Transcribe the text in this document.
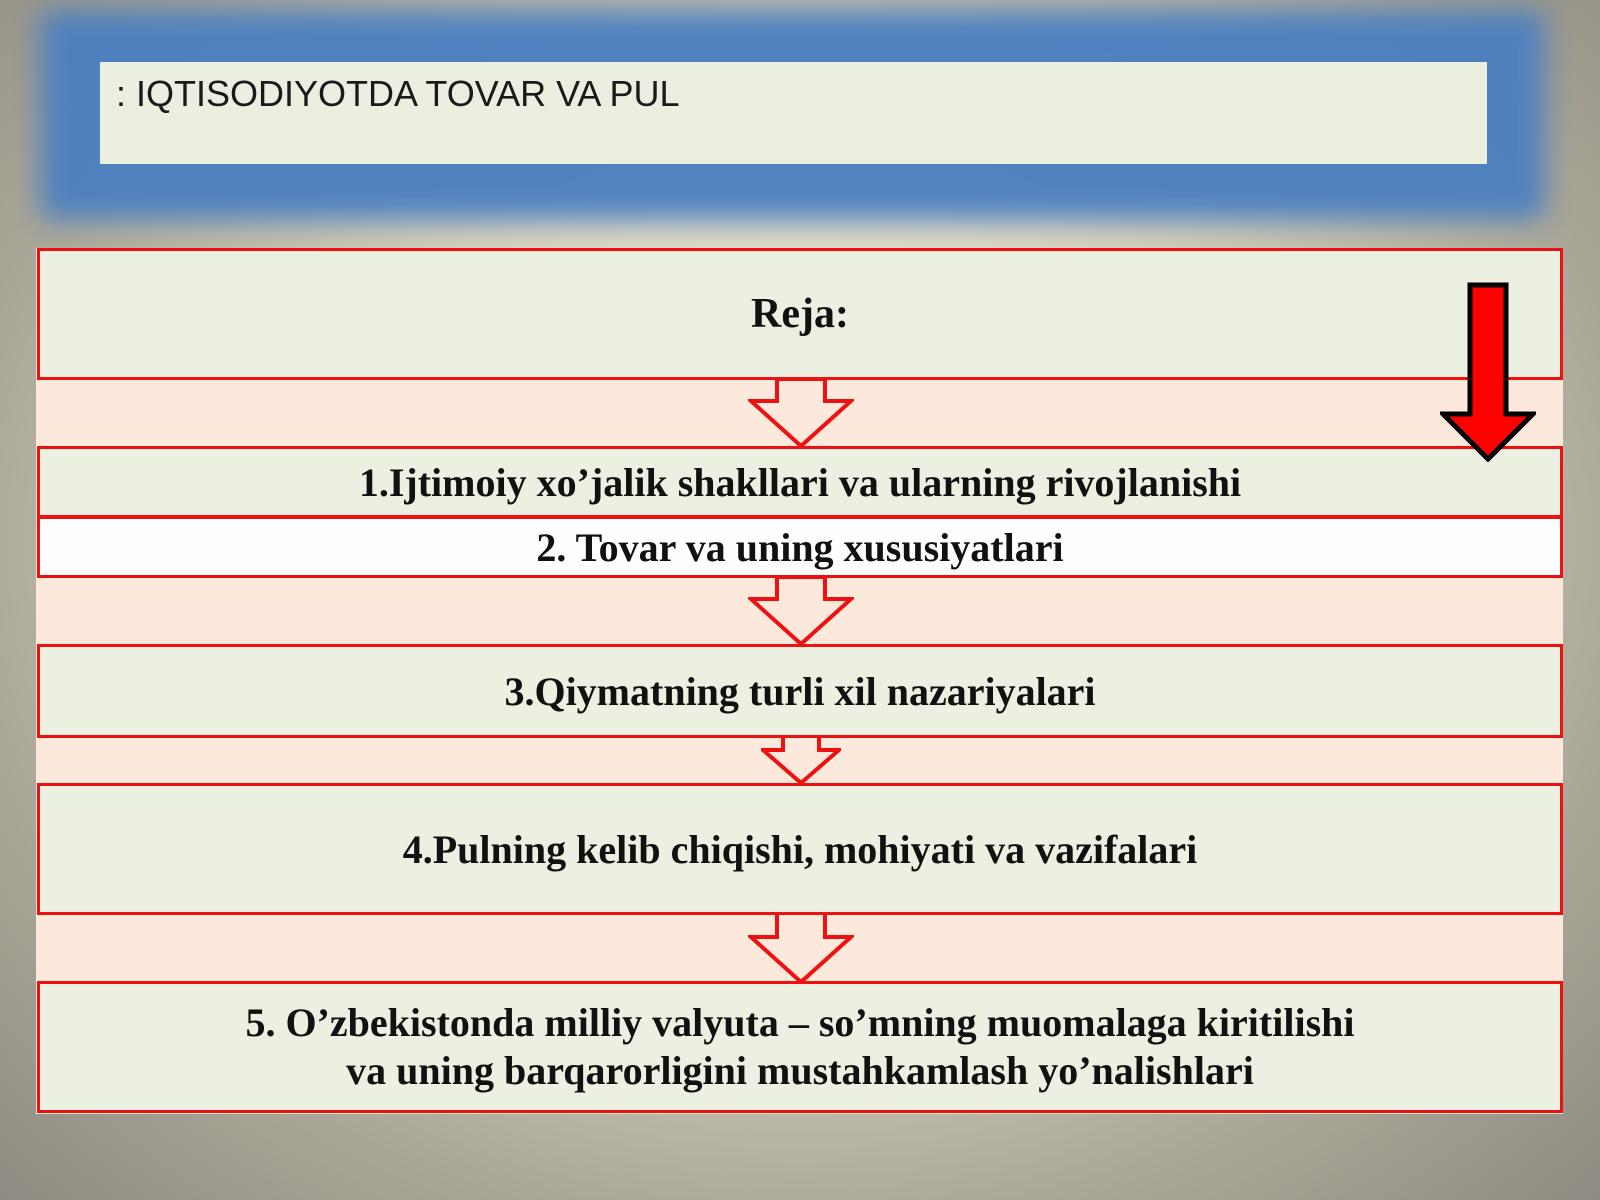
: IQTISODIYOTDA TOVAR VA PUL
Reja:
1.Ijtimoiy xo’jalik shakllari va ularning rivojlanishi
2. Tovar va uning xususiyatlari
3.Qiymatning turli xil nazariyalari
4.Pulning kelib chiqishi, mohiyati va vazifalari
5. O’zbekistonda milliy valyuta – so’mning muomalaga kiritilishi
va uning barqarorligini mustahkamlash yo’nalishlari
